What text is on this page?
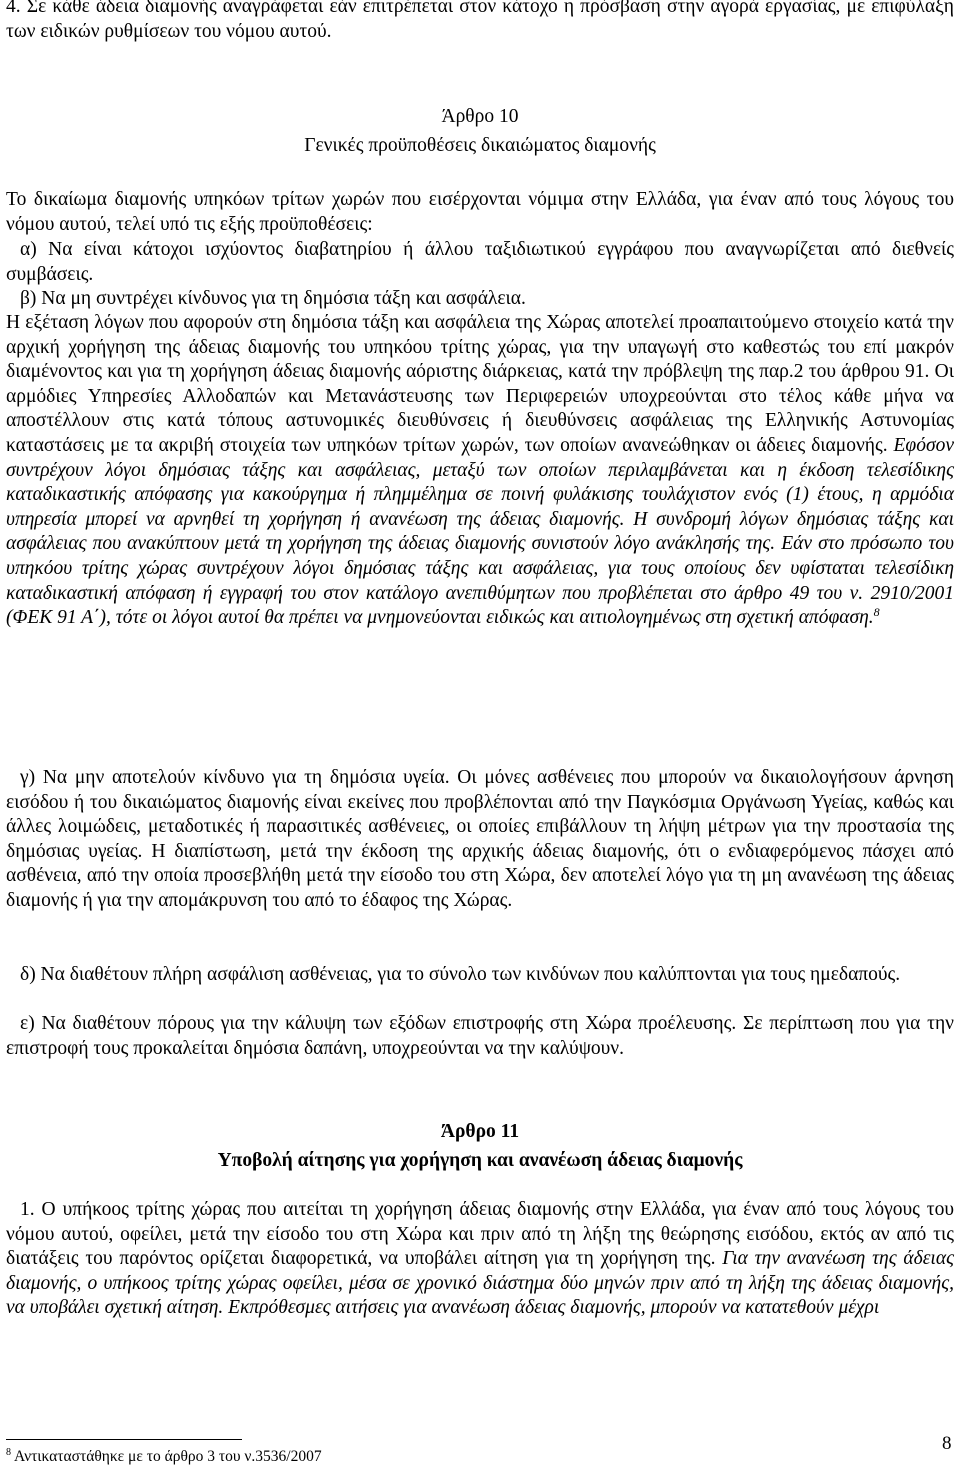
4. Σε κάθε άδεια διαμονής αναγράφεται εάν επιτρέπεται στον κάτοχο η πρόσβαση στην αγορά εργασίας, με επιφύλαξη των ειδικών ρυθμίσεων του νόμου αυτού.

Άρθρο 10

Γενικές προϋποθέσεις δικαιώματος διαμονής

Το δικαίωμα διαμονής υπηκόων τρίτων χωρών που εισέρχονται νόμιμα στην Ελλάδα, για έναν από τους λόγους του νόμου αυτού, τελεί υπό τις εξής προϋποθέσεις:

α) Να είναι κάτοχοι ισχύοντος διαβατηρίου ή άλλου ταξιδιωτικού εγγράφου που αναγνωρίζεται από διεθνείς συμβάσεις.

β) Να μη συντρέχει κίνδυνος για τη δημόσια τάξη και ασφάλεια.

Η εξέταση λόγων που αφορούν στη δημόσια τάξη και ασφάλεια της Χώρας αποτελεί προαπαιτούμενο στοιχείο κατά την αρχική χορήγηση της άδειας διαμονής του υπηκόου τρίτης χώρας, για την υπαγωγή στο καθεστώς του επί μακρόν διαμένοντος και για τη χορήγηση άδειας διαμονής αόριστης διάρκειας, κατά την πρόβλεψη της παρ.2 του άρθρου 91. Οι αρμόδιες Υπηρεσίες Αλλοδαπών και Μετανάστευσης των Περιφερειών υποχρεούνται στο τέλος κάθε μήνα να αποστέλλουν στις κατά τόπους αστυνομικές διευθύνσεις ή διευθύνσεις ασφάλειας της Ελληνικής Αστυνομίας καταστάσεις με τα ακριβή στοιχεία των υπηκόων τρίτων χωρών, των οποίων ανανεώθηκαν οι άδειες διαμονής. Εφόσον συντρέχουν λόγοι δημόσιας τάξης και ασφάλειας, μεταξύ των οποίων περιλαμβάνεται και η έκδοση τελεσίδικης καταδικαστικής απόφασης για κακούργημα ή πλημμέλημα σε ποινή φυλάκισης τουλάχιστον ενός (1) έτους, η αρμόδια υπηρεσία μπορεί να αρνηθεί τη χορήγηση ή ανανέωση της άδειας διαμονής. Η συνδρομή λόγων δημόσιας τάξης και ασφάλειας που ανακύπτουν μετά τη χορήγηση της άδειας διαμονής συνιστούν λόγο ανάκλησής της. Εάν στο πρόσωπο του υπηκόου τρίτης χώρας συντρέχουν λόγοι δημόσιας τάξης και ασφάλειας, για τους οποίους δεν υφίσταται τελεσίδικη καταδικαστική απόφαση ή εγγραφή του στον κατάλογο ανεπιθύμητων που προβλέπεται στο άρθρο 49 του ν. 2910/2001 (ΦΕΚ 91 Α΄), τότε οι λόγοι αυτοί θα πρέπει να μνημονεύονται ειδικώς και αιτιολογημένως στη σχετική απόφαση.$^8$

γ) Να μην αποτελούν κίνδυνο για τη δημόσια υγεία. Οι μόνες ασθένειες που μπορούν να δικαιολογήσουν άρνηση εισόδου ή του δικαιώματος διαμονής είναι εκείνες που προβλέπονται από την Παγκόσμια Οργάνωση Υγείας, καθώς και άλλες λοιμώδεις, μεταδοτικές ή παρασιτικές ασθένειες, οι οποίες επιβάλλουν τη λήψη μέτρων για την προστασία της δημόσιας υγείας. Η διαπίστωση, μετά την έκδοση της αρχικής άδειας διαμονής, ότι ο ενδιαφερόμενος πάσχει από ασθένεια, από την οποία προσεβλήθη μετά την είσοδο του στη Χώρα, δεν αποτελεί λόγο για τη μη ανανέωση της άδειας διαμονής ή για την απομάκρυνση του από το έδαφος της Χώρας.

δ) Να διαθέτουν πλήρη ασφάλιση ασθένειας, για το σύνολο των κινδύνων που καλύπτονται για τους ημεδαπούς.

ε) Να διαθέτουν πόρους για την κάλυψη των εξόδων επιστροφής στη Χώρα προέλευσης. Σε περίπτωση που για την επιστροφή τους προκαλείται δημόσια δαπάνη, υποχρεούνται να την καλύψουν.

Άρθρο 11

Υποβολή αίτησης για χορήγηση και ανανέωση άδειας διαμονής

1. Ο υπήκοος τρίτης χώρας που αιτείται τη χορήγηση άδειας διαμονής στην Ελλάδα, για έναν από τους λόγους του νόμου αυτού, οφείλει, μετά την είσοδο του στη Χώρα και πριν από τη λήξη της θεώρησης εισόδου, εκτός αν από τις διατάξεις του παρόντος ορίζεται διαφορετικά, να υποβάλει αίτηση για τη χορήγηση της. Για την ανανέωση της άδειας διαμονής, ο υπήκοος τρίτης χώρας οφείλει, μέσα σε χρονικό διάστημα δύο μηνών πριν από τη λήξη της άδειας διαμονής, να υποβάλει σχετική αίτηση. Εκπρόθεσμες αιτήσεις για ανανέωση άδειας διαμονής, μπορούν να κατατεθούν μέχρι

$^8$ Αντικαταστάθηκε με το άρθρο 3 του ν.3536/2007
8
